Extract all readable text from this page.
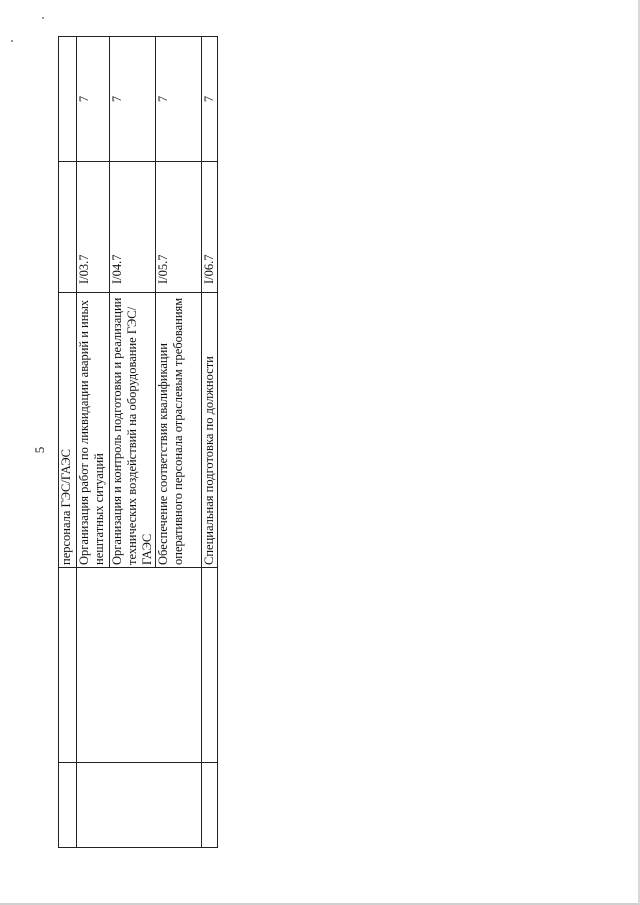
5
		персонала ГЭС/ГАЭС		
		Организация работ по ликвидации аварий и иных нештатных ситуаций	I/03.7	7
		Организация и контроль подготовки и реализации технических воздействий на оборудование ГЭС/ГАЭС	I/04.7	7
		Обеспечение соответствия квалификации оперативного персонала отраслевым требованиям	I/05.7	7
		Специальная подготовка по должности	I/06.7	7
